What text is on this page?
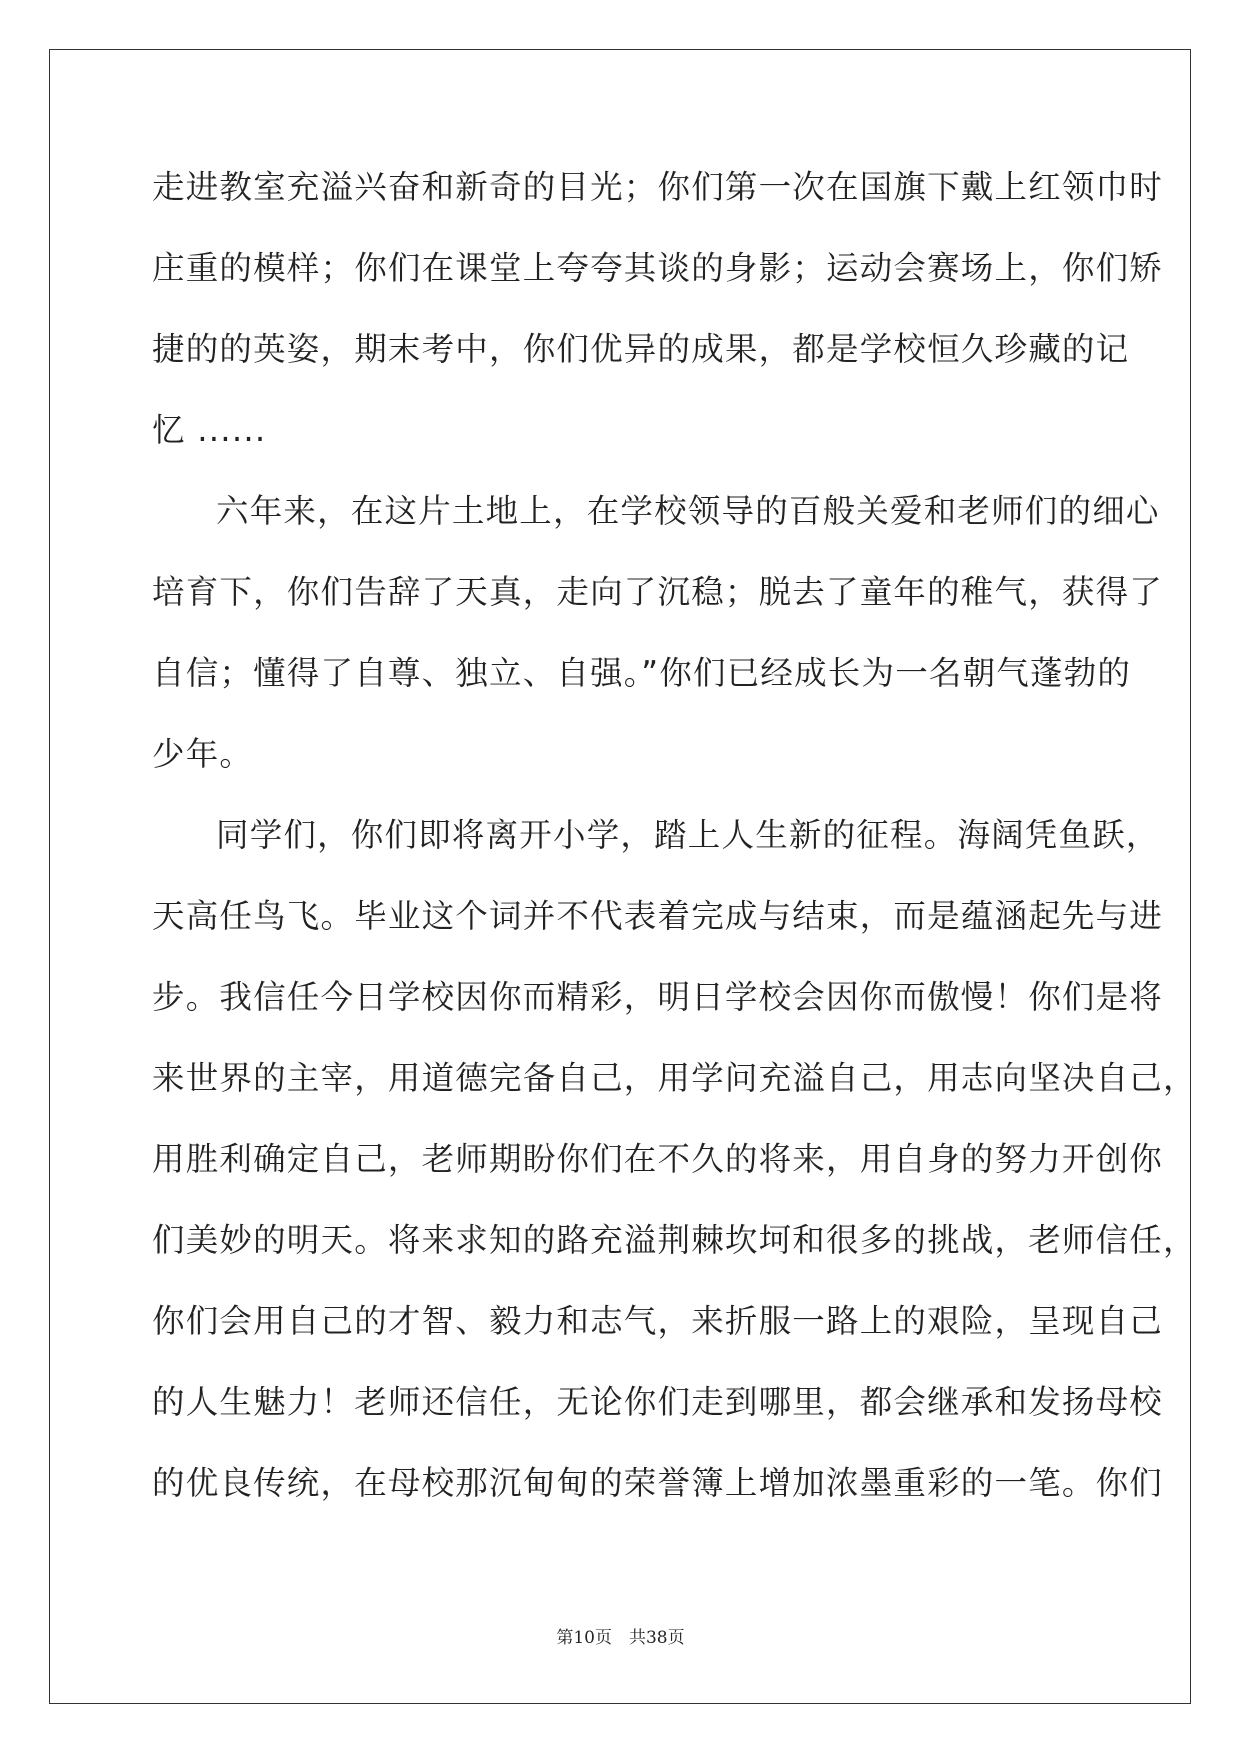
走进教室充溢兴奋和新奇的目光；你们第一次在国旗下戴上红领巾时
庄重的模样；你们在课堂上夸夸其谈的身影；运动会赛场上，你们矫
捷的的英姿，期末考中，你们优异的成果，都是学校恒久珍藏的记
忆 ......
六年来，在这片土地上，在学校领导的百般关爱和老师们的细心
培育下，你们告辞了天真，走向了沉稳；脱去了童年的稚气，获得了
自信；懂得了自尊、独立、自强。”你们已经成长为一名朝气蓬勃的
少年。
同学们，你们即将离开小学，踏上人生新的征程。海阔凭鱼跃，
天高任鸟飞。毕业这个词并不代表着完成与结束，而是蕴涵起先与进
步。我信任今日学校因你而精彩，明日学校会因你而傲慢！你们是将
来世界的主宰，用道德完备自己，用学问充溢自己，用志向坚决自己，
用胜利确定自己，老师期盼你们在不久的将来，用自身的努力开创你
们美妙的明天。将来求知的路充溢荆棘坎坷和很多的挑战，老师信任，
你们会用自己的才智、毅力和志气，来折服一路上的艰险，呈现自己
的人生魅力！老师还信任，无论你们走到哪里，都会继承和发扬母校
的优良传统，在母校那沉甸甸的荣誉簿上增加浓墨重彩的一笔。你们
第10页　共38页
